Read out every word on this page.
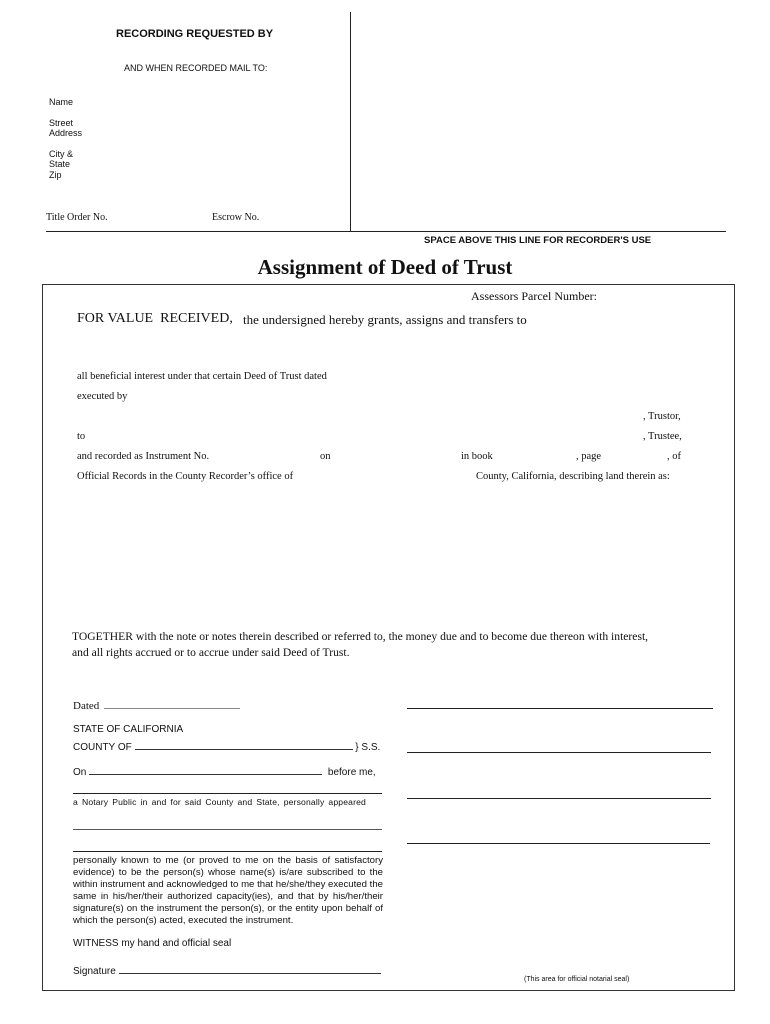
RECORDING REQUESTED BY
AND WHEN RECORDED MAIL TO:
Name
Street
Address
City &
State
Zip
Title Order No.	Escrow No.
SPACE ABOVE THIS LINE FOR RECORDER'S USE
Assignment of Deed of Trust
Assessors Parcel Number:
FOR VALUE  RECEIVED, the undersigned hereby grants, assigns and transfers to
all beneficial interest under that certain Deed of Trust dated
executed by
, Trustor,
to	, Trustee,
and recorded as Instrument No.	on	in book	, page	, of
Official Records in the County Recorder’s office of	County, California, describing land therein as:
TOGETHER with the note or notes therein described or referred to, the money due and to become due thereon with interest,
and all rights accrued or to accrue under said Deed of Trust.
Dated
STATE OF CALIFORNIA
COUNTY OF	} S.S.
On	before me,
a Notary Public in and for said County and State, personally appeared
personally known to me (or proved to me on the basis of satisfactory evidence) to be the person(s) whose name(s) is/are subscribed to the within instrument and acknowledged to me that he/she/they executed the same in his/her/their authorized capacity(ies), and that by his/her/their signature(s) on the instrument the person(s), or the entity upon behalf of which the person(s) acted, executed the instrument.
WITNESS my hand and official seal
Signature
(This area for official notarial seal)
